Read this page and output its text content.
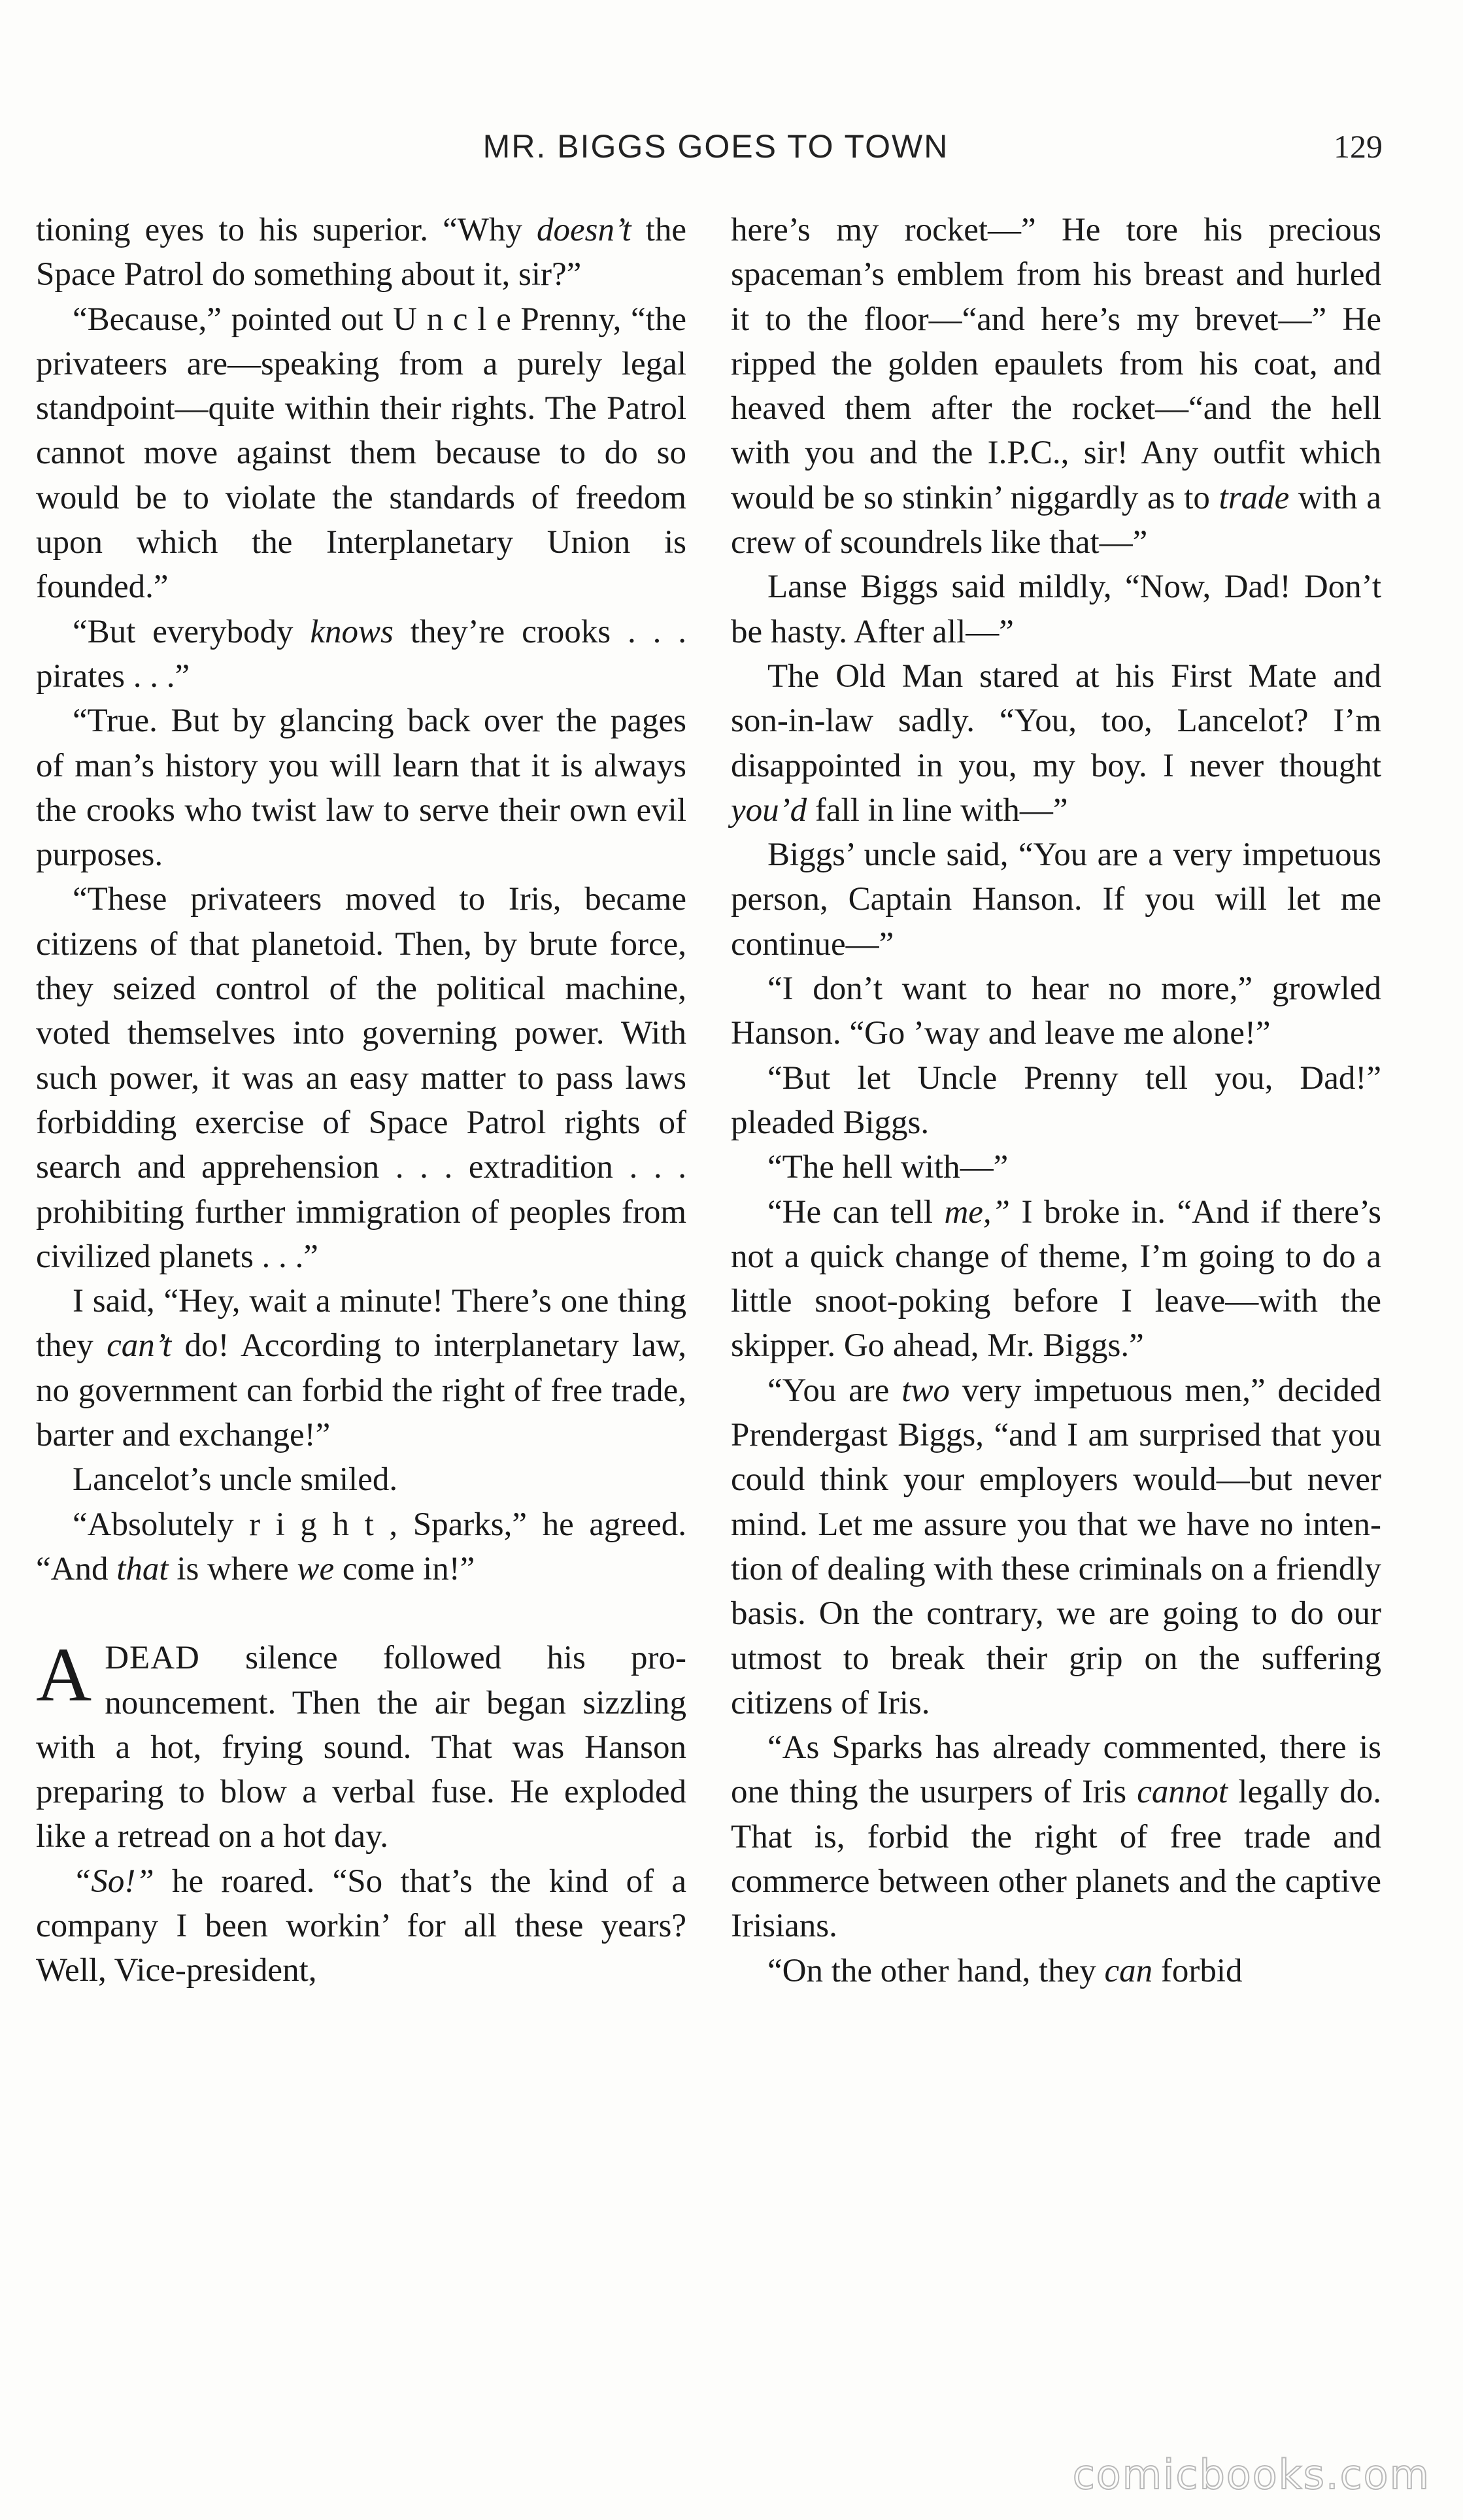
MR. BIGGS GOES TO TOWN	129

tioning eyes to his superior. “Why doesn’t the Space Patrol do something about it, sir?”

“Because,” pointed out U n c l e Prenny, “the privateers are—speaking from a purely legal standpoint—quite within their rights. The Patrol cannot move against them because to do so would be to violate the standards of freedom upon which the Interplanetary Union is founded.”

“But everybody knows they’re crooks . . . pirates . . .”

“True. But by glancing back over the pages of man’s history you will learn that it is always the crooks who twist law to serve their own evil purposes.

“These privateers moved to Iris, became citizens of that planetoid. Then, by brute force, they seized control of the political machine, voted themselves into governing power. With such power, it was an easy matter to pass laws forbidding exercise of Space Patrol rights of search and apprehension . . . extradition . . . prohibiting further immigration of peoples from civilized planets . . .”

I said, “Hey, wait a minute! There’s one thing they can’t do! According to interplanetary law, no government can forbid the right of free trade, barter and exchange!”

Lancelot’s uncle smiled.

“Absolutely r i g h t , Sparks,” he agreed. “And that is where we come in!”

ADEAD silence followed his pronouncement. Then the air began sizzling with a hot, frying sound. That was Hanson preparing to blow a verbal fuse. He exploded like a retread on a hot day.

“So!” he roared. “So that’s the kind of a company I been workin’ for all these years? Well, Vice-president,

here’s my rocket—” He tore his precious spaceman’s emblem from his breast and hurled it to the floor—“and here’s my brevet—” He ripped the golden epaulets from his coat, and heaved them after the rocket—“and the hell with you and the I.P.C., sir! Any outfit which would be so stinkin’ niggardly as to trade with a crew of scoundrels like that—”

Lanse Biggs said mildly, “Now, Dad! Don’t be hasty. After all—”

The Old Man stared at his First Mate and son-in-law sadly. “You, too, Lancelot? I’m disappointed in you, my boy. I never thought you’d fall in line with—”

Biggs’ uncle said, “You are a very impetuous person, Captain Hanson. If you will let me continue—”

“I don’t want to hear no more,” growled Hanson. “Go ’way and leave me alone!”

“But let Uncle Prenny tell you, Dad!” pleaded Biggs.

“The hell with—”

“He can tell me,” I broke in. “And if there’s not a quick change of theme, I’m going to do a little snoot-poking before I leave—with the skipper. Go ahead, Mr. Biggs.”

“You are two very impetuous men,” decided Prendergast Biggs, “and I am surprised that you could think your employers would—but never mind. Let me assure you that we have no intention of dealing with these criminals on a friendly basis. On the contrary, we are going to do our utmost to break their grip on the suffering citizens of Iris.

“As Sparks has already commented, there is one thing the usurpers of Iris cannot legally do. That is, forbid the right of free trade and commerce between other planets and the captive Irisians.

“On the other hand, they can forbid

comicbooks.com
